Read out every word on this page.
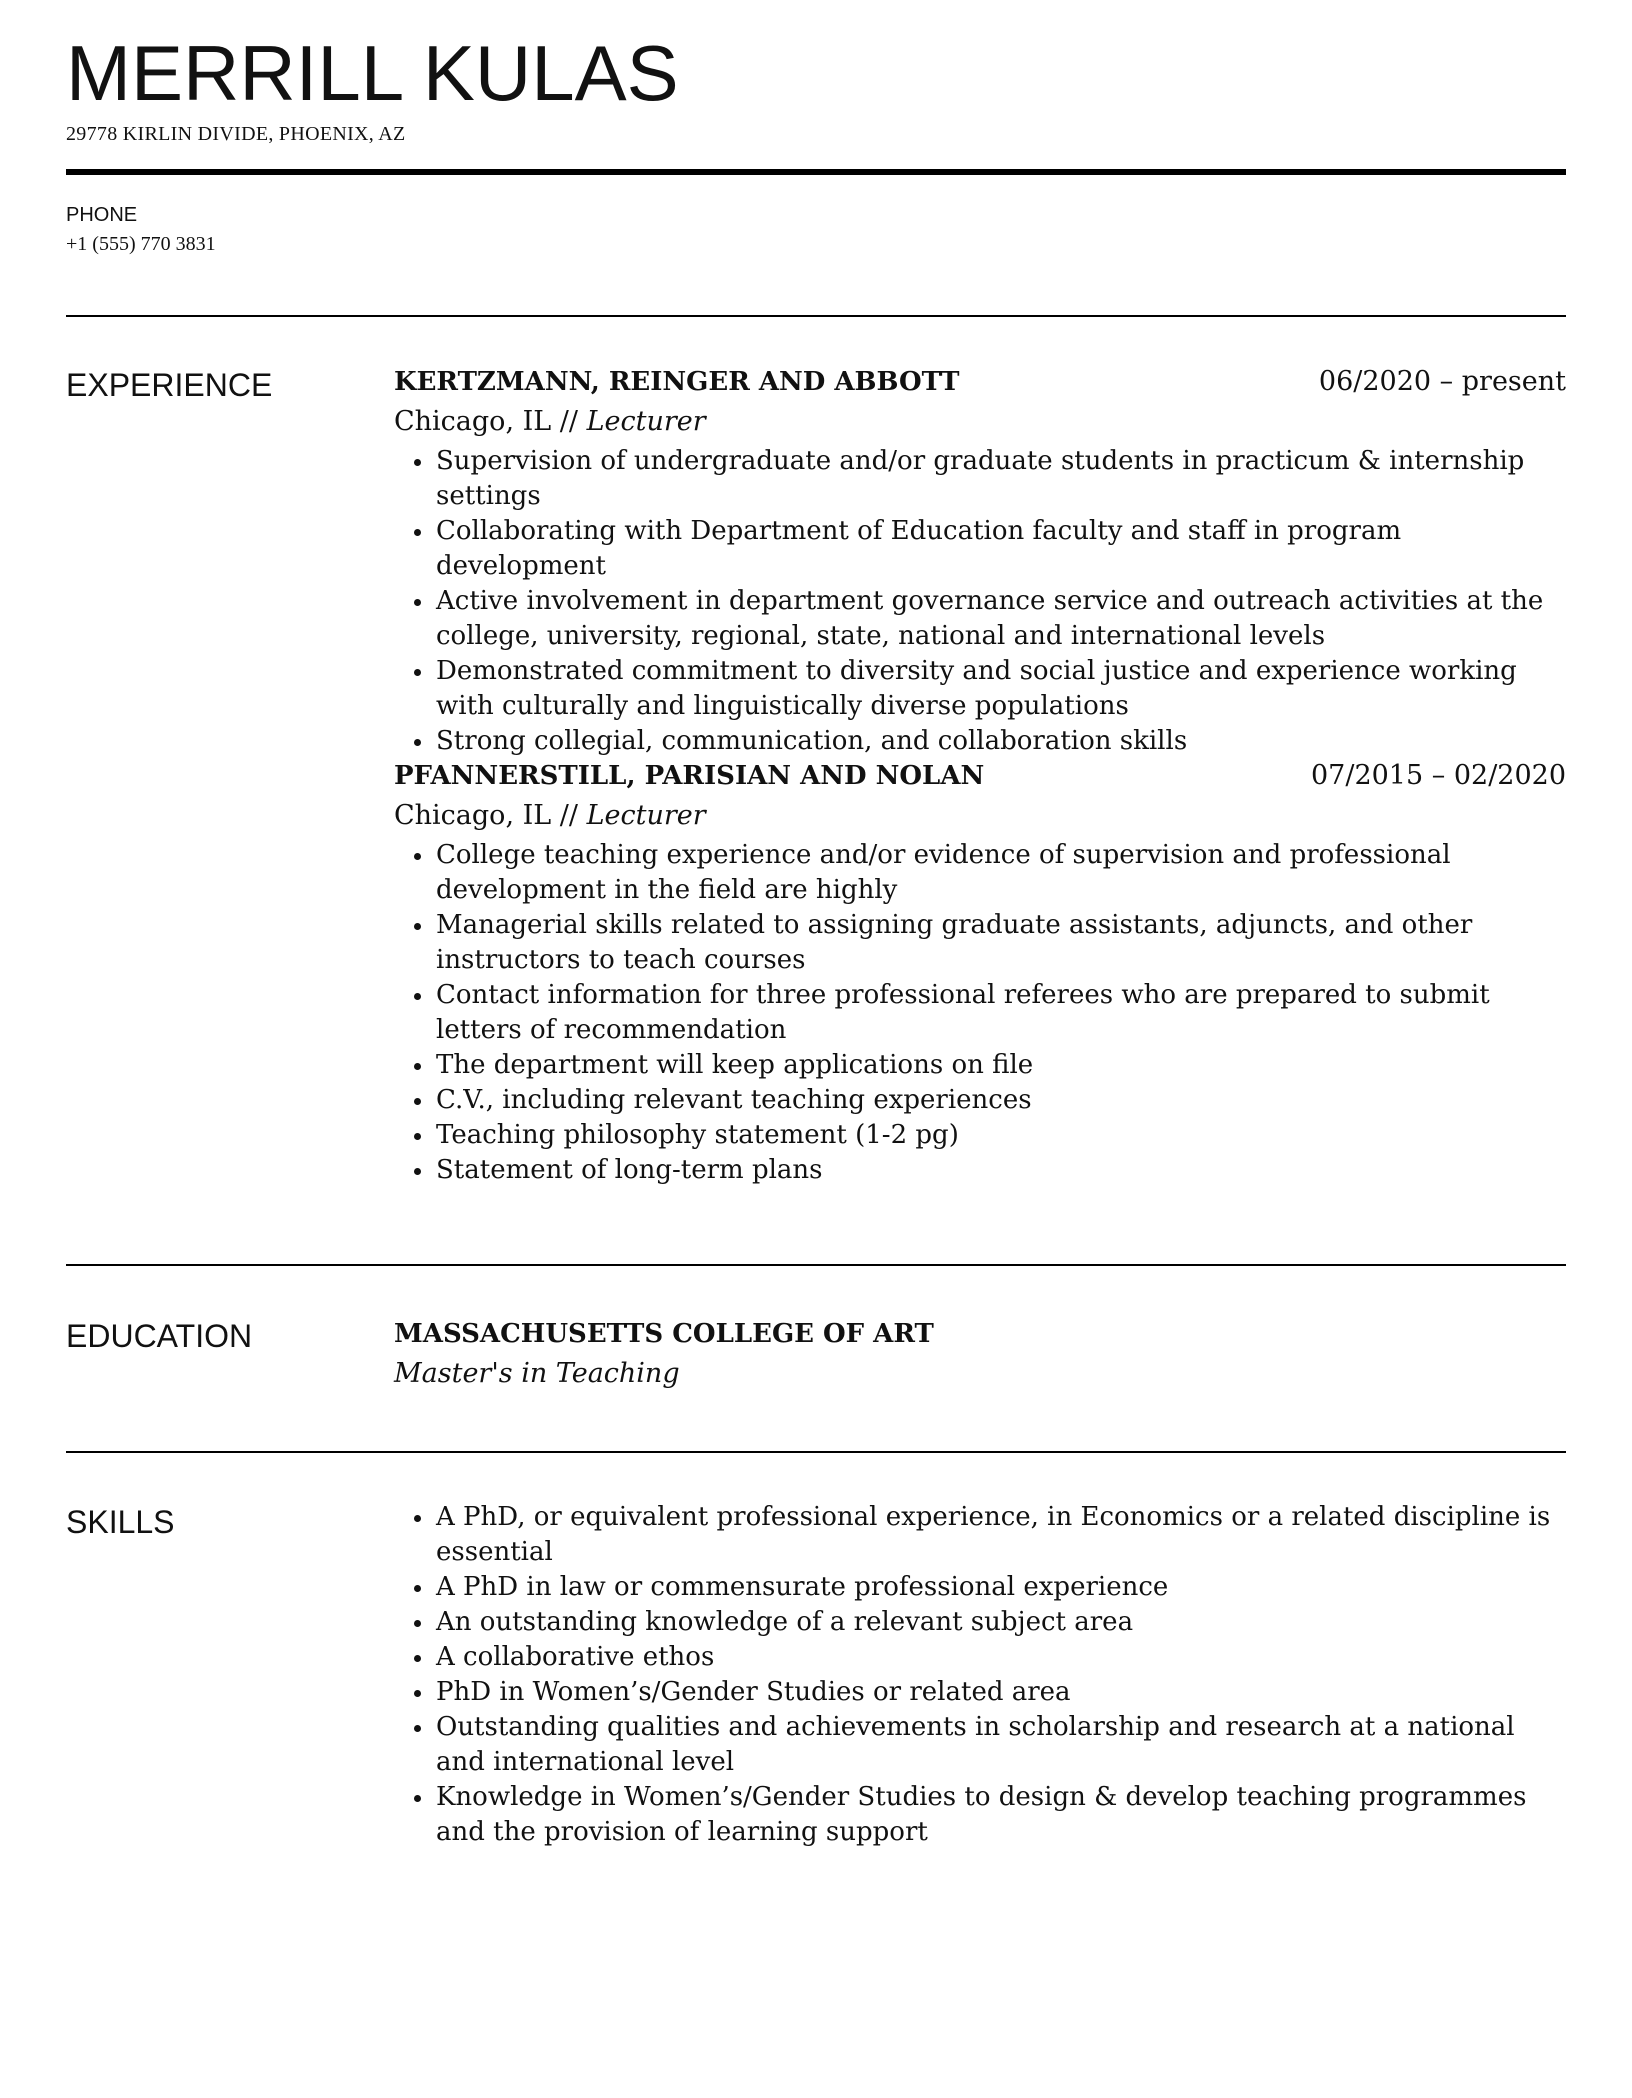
MERRILL KULAS
29778 KIRLIN DIVIDE, PHOENIX, AZ
PHONE
+1 (555) 770 3831
EXPERIENCE	KERTZMANN, REINGER AND ABBOTT	06/2020 – present
Chicago, IL // Lecturer
Supervision of undergraduate and/or graduate students in practicum & internship settings
Collaborating with Department of Education faculty and staff in program development
Active involvement in department governance service and outreach activities at the college, university, regional, state, national and international levels
Demonstrated commitment to diversity and social justice and experience working with culturally and linguistically diverse populations
Strong collegial, communication, and collaboration skills
PFANNERSTILL, PARISIAN AND NOLAN	07/2015 – 02/2020
Chicago, IL // Lecturer
College teaching experience and/or evidence of supervision and professional development in the field are highly
Managerial skills related to assigning graduate assistants, adjuncts, and other instructors to teach courses
Contact information for three professional referees who are prepared to submit letters of recommendation
The department will keep applications on file
C.V., including relevant teaching experiences
Teaching philosophy statement (1-2 pg)
Statement of long-term plans
EDUCATION	MASSACHUSETTS COLLEGE OF ART
Master's in Teaching
SKILLS	A PhD, or equivalent professional experience, in Economics or a related discipline is essential
A PhD in law or commensurate professional experience
An outstanding knowledge of a relevant subject area
A collaborative ethos
PhD in Women’s/Gender Studies or related area
Outstanding qualities and achievements in scholarship and research at a national and international level
Knowledge in Women’s/Gender Studies to design & develop teaching programmes and the provision of learning support
